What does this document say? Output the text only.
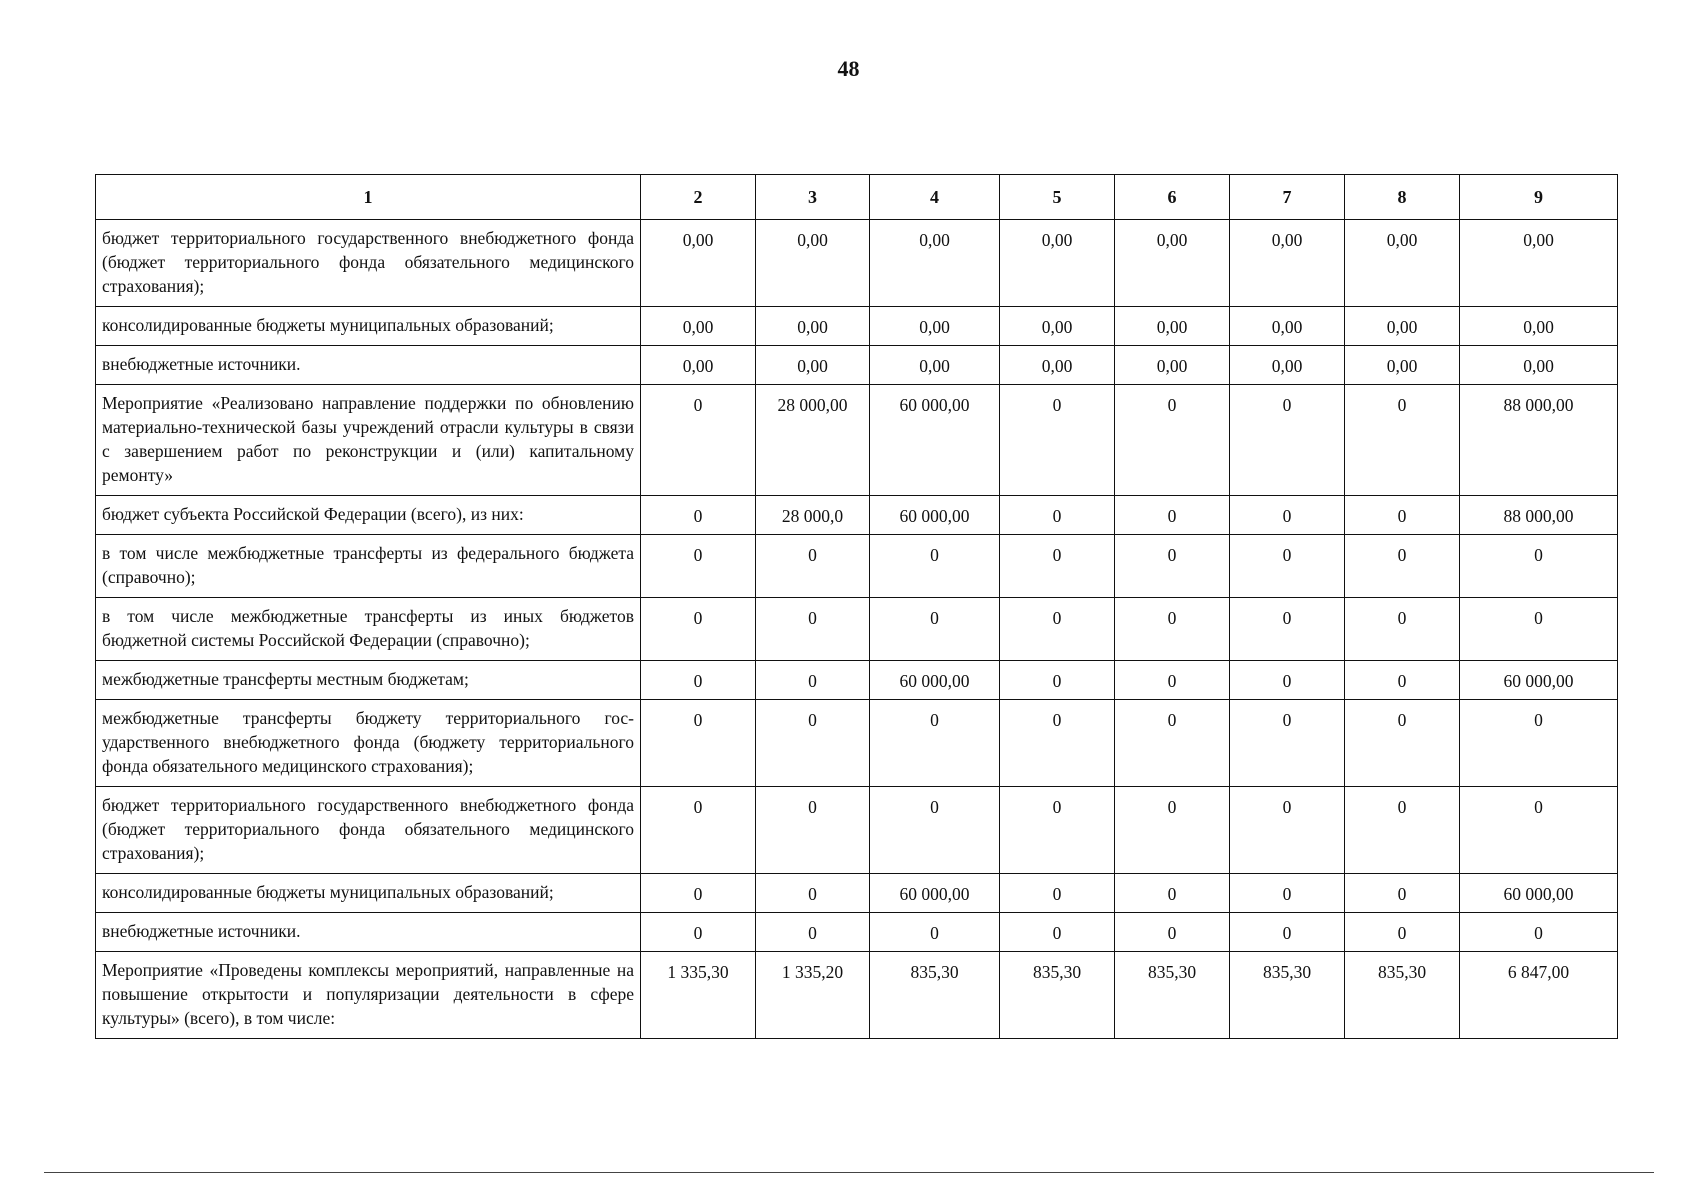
48
1	2	3	4	5	6	7	8	9
бюджет территориального государственного внебюджетного фонда (бюджет территориального фонда обязательного медицинского страхования);	0,00	0,00	0,00	0,00	0,00	0,00	0,00	0,00
консолидированные бюджеты муниципальных образований;	0,00	0,00	0,00	0,00	0,00	0,00	0,00	0,00
внебюджетные источники.	0,00	0,00	0,00	0,00	0,00	0,00	0,00	0,00
Мероприятие «Реализовано направление поддержки по обновлению материально-технической базы учреждений отрасли культуры в связи с завершением работ по реконструкции и (или) капитальному ремонту»	0	28 000,00	60 000,00	0	0	0	0	88 000,00
бюджет субъекта Российской Федерации (всего), из них:	0	28 000,0	60 000,00	0	0	0	0	88 000,00
в том числе межбюджетные трансферты из федерального бюджета (справочно);	0	0	0	0	0	0	0	0
в том числе межбюджетные трансферты из иных бюджетов бюджетной системы Российской Федерации (справочно);	0	0	0	0	0	0	0	0
межбюджетные трансферты местным бюджетам;	0	0	60 000,00	0	0	0	0	60 000,00
межбюджетные трансферты бюджету территориального государственного внебюджетного фонда (бюджету территориального фонда обязательного медицинского страхования);	0	0	0	0	0	0	0	0
бюджет территориального государственного внебюджетного фонда (бюджет территориального фонда обязательного медицинского страхования);	0	0	0	0	0	0	0	0
консолидированные бюджеты муниципальных образований;	0	0	60 000,00	0	0	0	0	60 000,00
внебюджетные источники.	0	0	0	0	0	0	0	0
Мероприятие «Проведены комплексы мероприятий, направленные на повышение открытости и популяризации деятельности в сфере культуры» (всего), в том числе:	1 335,30	1 335,20	835,30	835,30	835,30	835,30	835,30	6 847,00
